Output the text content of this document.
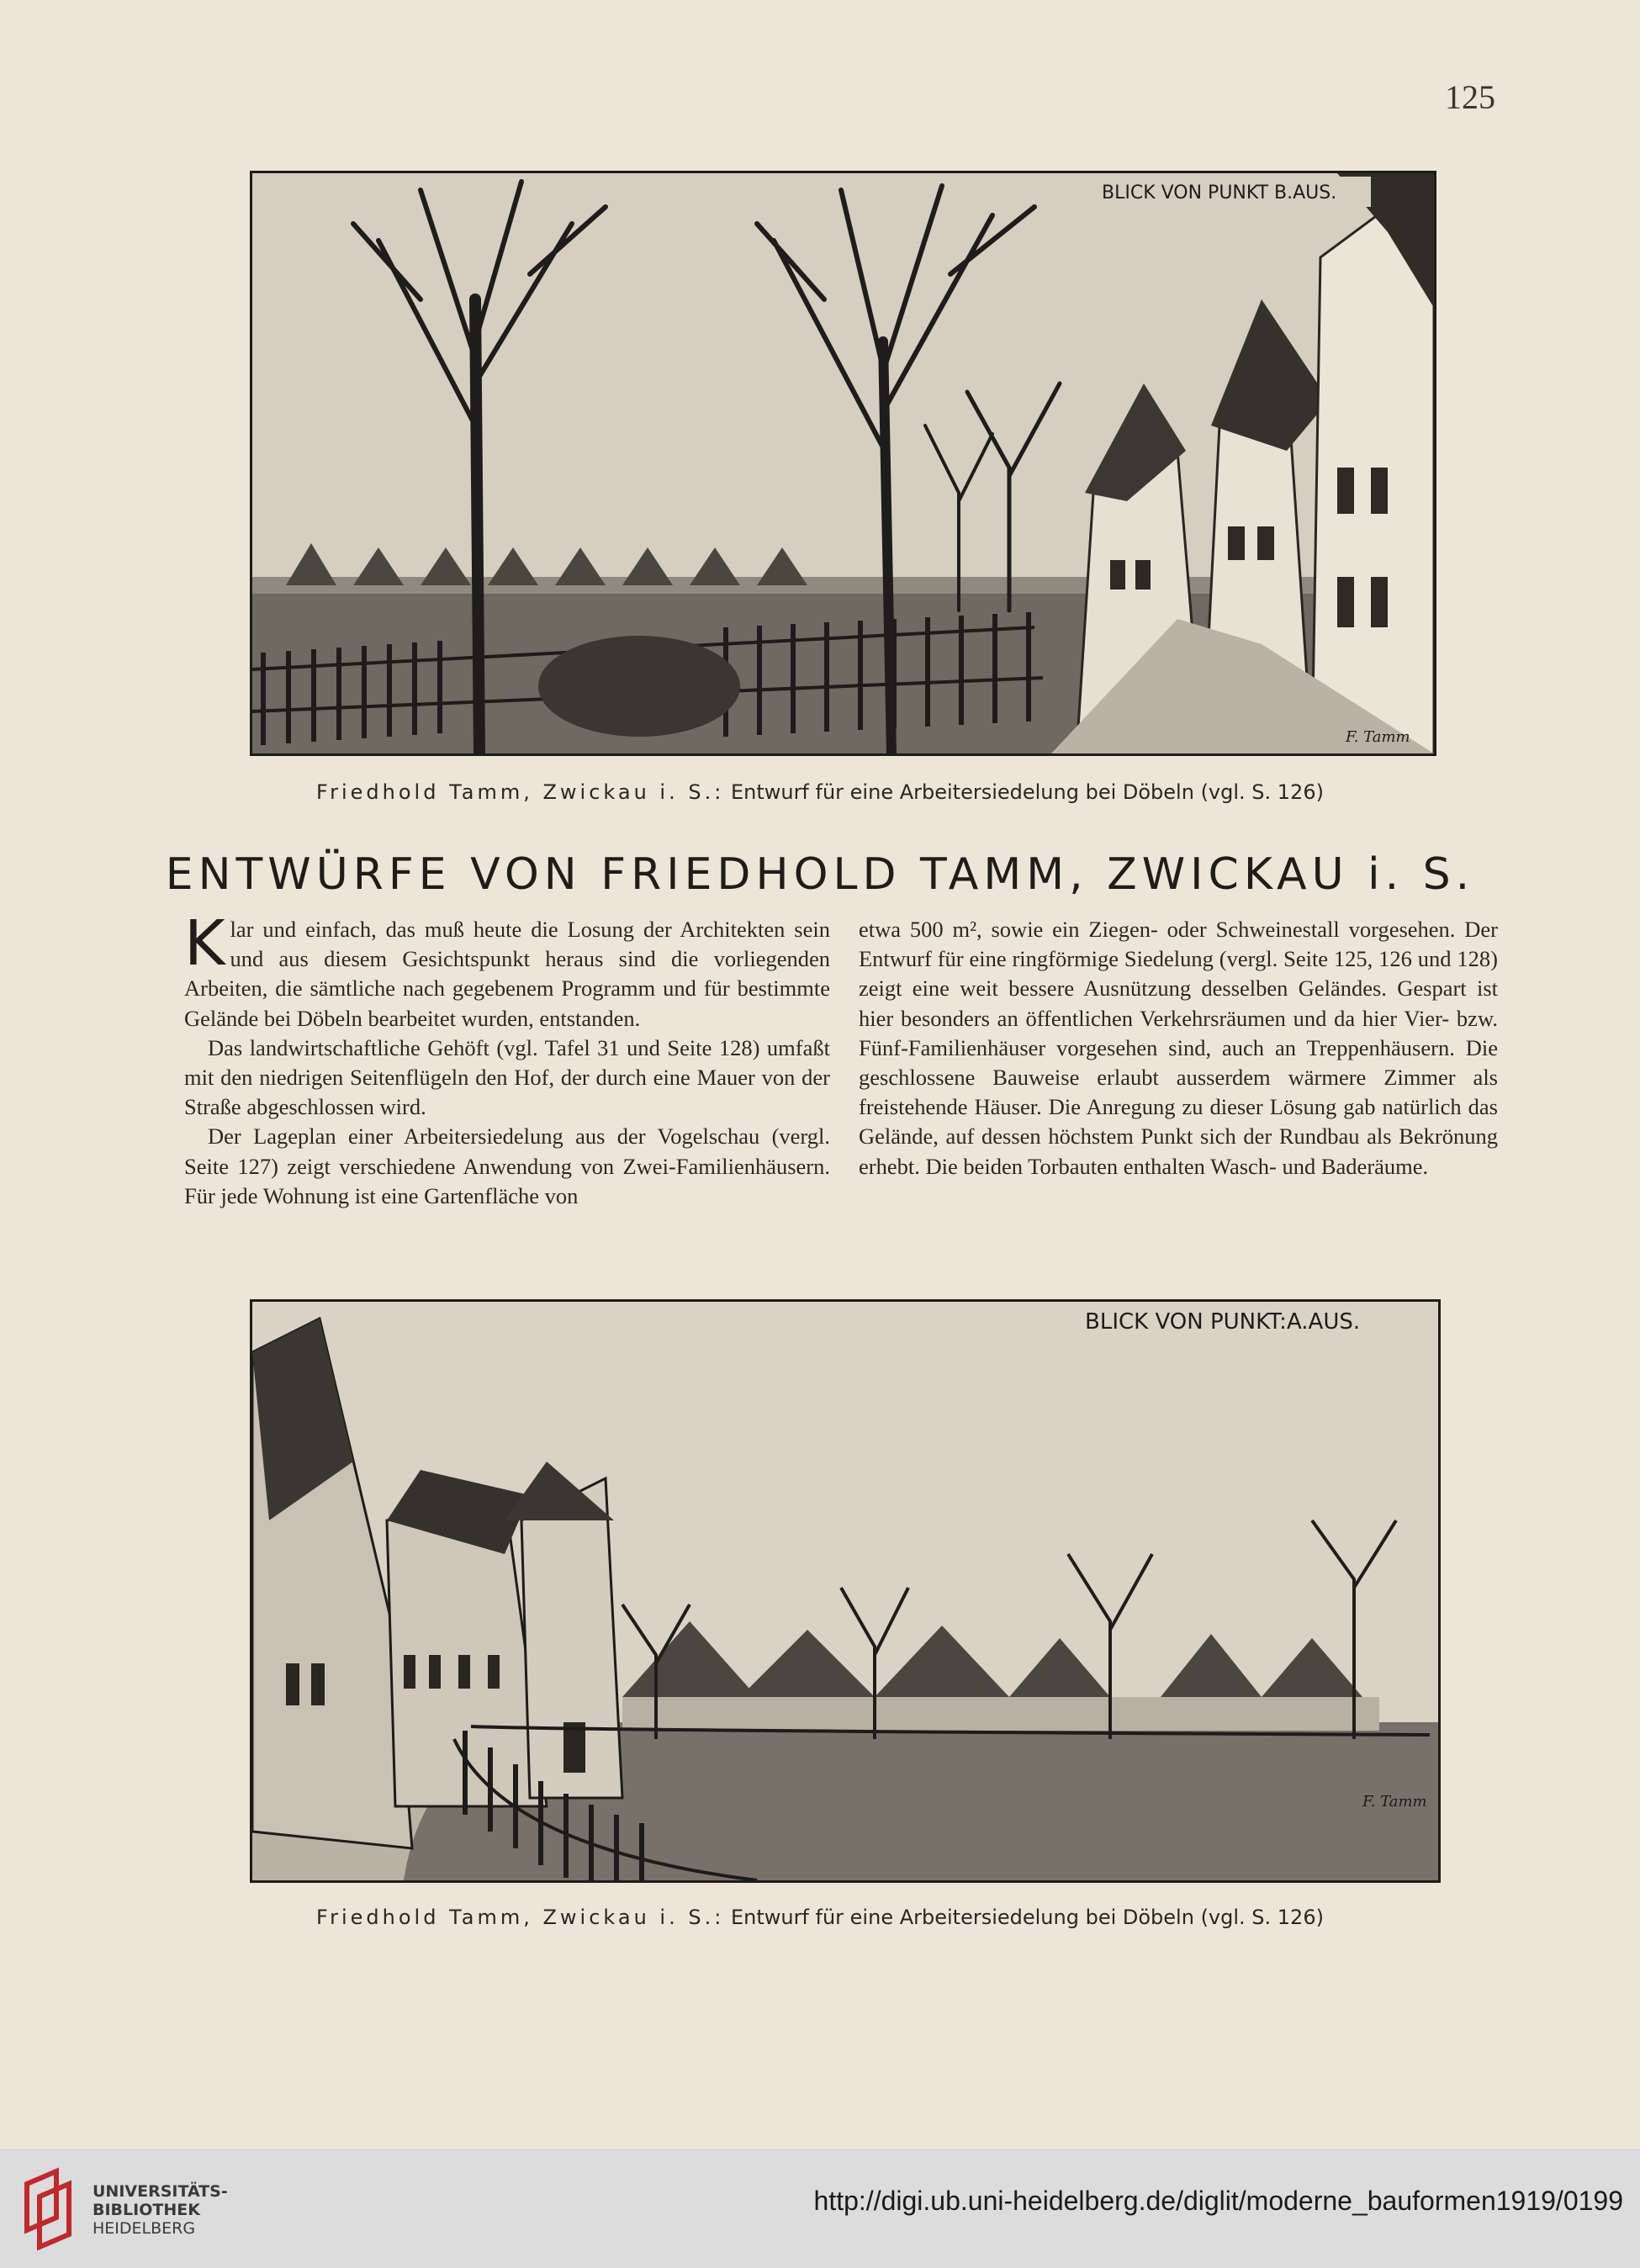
125
BLICK VON PUNKT B.AUS.
F. Tamm
Friedhold Tamm, Zwickau i. S.: Entwurf für eine Arbeitersiedelung bei Döbeln (vgl. S. 126)
ENTWÜRFE VON FRIEDHOLD TAMM, ZWICKAU i. S.

Klar und einfach, das muß heute die Losung der Architekten sein und aus diesem Gesichtspunkt heraus sind die vorliegenden Arbeiten, die sämtliche nach gegebenem Programm und für bestimmte Gelände bei Döbeln bearbeitet wurden, entstanden.

Das landwirtschaftliche Gehöft (vgl. Tafel 31 und Seite 128) umfaßt mit den niedrigen Seitenflügeln den Hof, der durch eine Mauer von der Straße abgeschlossen wird.

Der Lageplan einer Arbeitersiedelung aus der Vogelschau (vergl. Seite 127) zeigt verschiedene Anwendung von Zwei-Familienhäusern. Für jede Wohnung ist eine Gartenfläche von

etwa 500 m², sowie ein Ziegen- oder Schweinestall vorgesehen. Der Entwurf für eine ringförmige Siedelung (vergl. Seite 125, 126 und 128) zeigt eine weit bessere Ausnützung desselben Geländes. Gespart ist hier besonders an öffentlichen Verkehrsräumen und da hier Vier- bzw. Fünf-Familienhäuser vorgesehen sind, auch an Treppenhäusern. Die geschlossene Bauweise erlaubt ausserdem wärmere Zimmer als freistehende Häuser. Die Anregung zu dieser Lösung gab natürlich das Gelände, auf dessen höchstem Punkt sich der Rundbau als Bekrönung erhebt. Die beiden Torbauten enthalten Wasch- und Baderäume.

BLICK VON PUNKT:A.AUS.
F. Tamm
Friedhold Tamm, Zwickau i. S.: Entwurf für eine Arbeitersiedelung bei Döbeln (vgl. S. 126)
UNIVERSITÄTS-
BIBLIOTHEK
HEIDELBERG
http://digi.ub.uni-heidelberg.de/diglit/moderne_bauformen1919/0199
